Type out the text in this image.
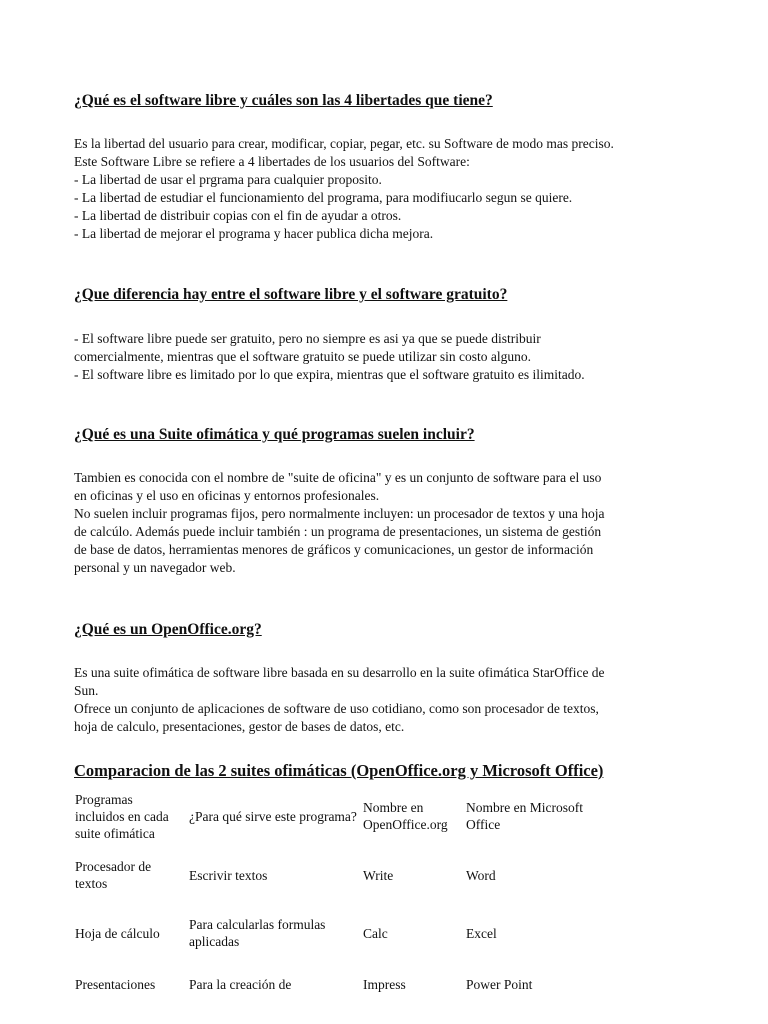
¿Qué es el software libre y cuáles son las 4 libertades que tiene?

Es la libertad del usuario para crear, modificar, copiar, pegar, etc. su Software de modo mas preciso.
Este Software Libre se refiere a 4 libertades de los usuarios del Software:
- La libertad de usar el prgrama para cualquier proposito.
- La libertad de estudiar el funcionamiento del programa, para modifiucarlo segun se quiere.
- La libertad de distribuir copias con el fin de ayudar a otros.
- La libertad de mejorar el programa y hacer publica dicha mejora.

¿Que diferencia hay entre el software libre y el software gratuito?

- El software libre puede ser gratuito, pero no siempre es asi ya que se puede distribuir
comercialmente, mientras que el software gratuito se puede utilizar sin costo alguno.
- El software libre es limitado por lo que expira, mientras que el software gratuito es ilimitado.

¿Qué es una Suite ofimática y qué programas suelen incluir?

Tambien es conocida con el nombre de "suite de oficina" y es un conjunto de software para el uso
en oficinas y el uso en oficinas y entornos profesionales.
No suelen incluir programas fijos, pero normalmente incluyen: un procesador de textos y una hoja
de calcúlo. Además puede incluir también : un programa de presentaciones, un sistema de gestión
de base de datos, herramientas menores de gráficos y comunicaciones, un gestor de información
personal y un navegador web.

¿Qué es un OpenOffice.org?

Es una suite ofimática de software libre basada en su desarrollo en la suite ofimática StarOffice de
Sun.
Ofrece un conjunto de aplicaciones de software de uso cotidiano, como son procesador de textos,
hoja de calculo, presentaciones, gestor de bases de datos, etc.

Comparacion de las 2 suites ofimáticas (OpenOffice.org y Microsoft Office)
Programas incluidos en cada suite ofimática	¿Para qué sirve este programa?	Nombre en OpenOffice.org	Nombre en Microsoft Office
Procesador de textos	Escrivir textos	Write	Word
Hoja de cálculo	Para calcularlas formulas aplicadas	Calc	Excel
Presentaciones	Para la creación de	Impress	Power Point
